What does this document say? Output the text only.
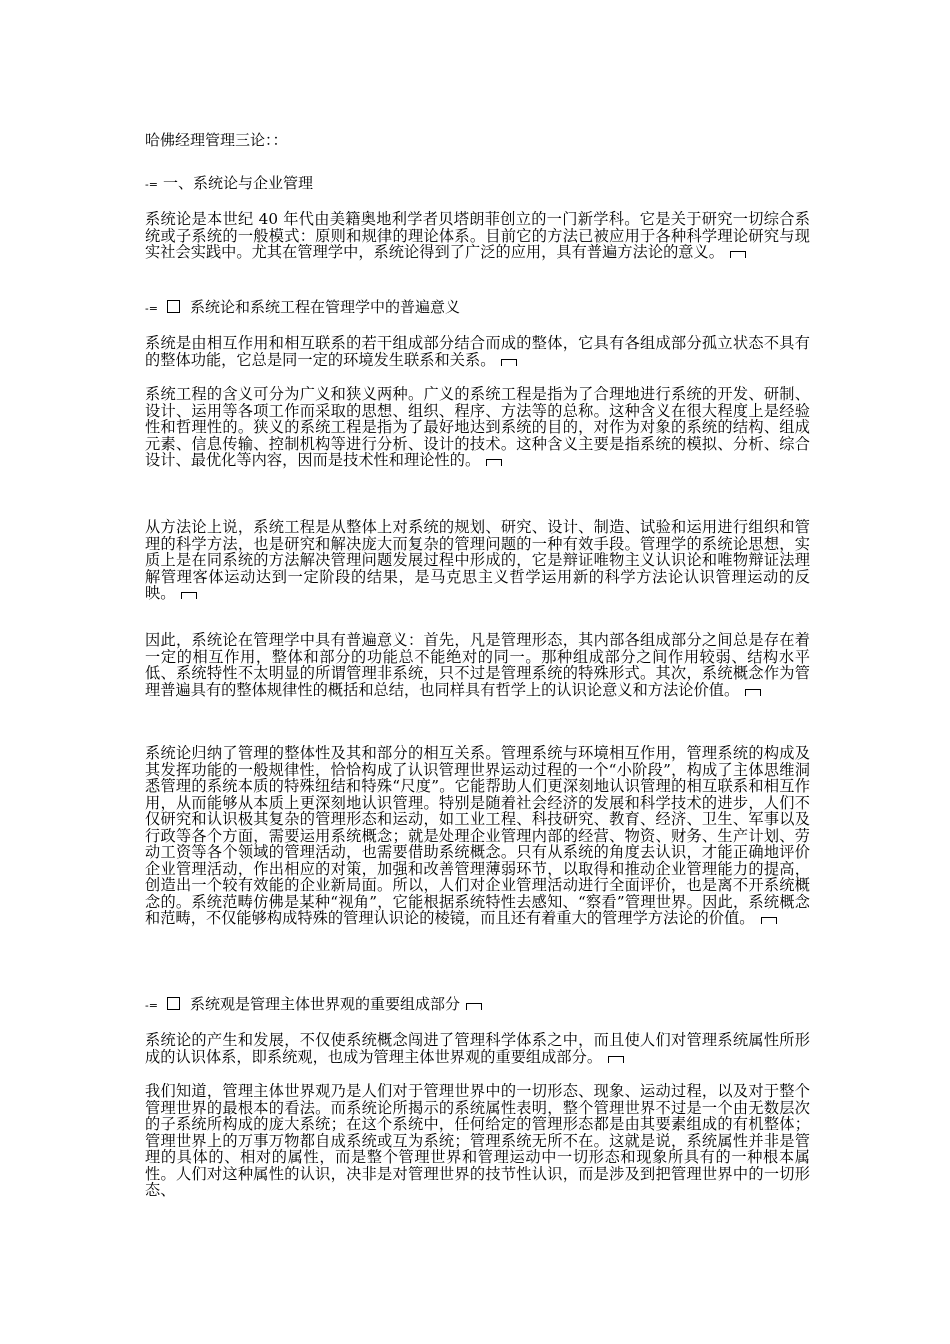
哈佛经理管理三论：：
-= 一、系统论与企业管理
系统论是本世纪 40 年代由美籍奥地利学者贝塔朗菲创立的一门新学科。它是关于研究一切综合系统或子系统的一般模式：原则和规律的理论体系。目前它的方法已被应用于各种科学理论研究与现实社会实践中。尤其在管理学中，系统论得到了广泛的应用，具有普遍方法论的意义。
-= 系统论和系统工程在管理学中的普遍意义
系统是由相互作用和相互联系的若干组成部分结合而成的整体，它具有各组成部分孤立状态不具有的整体功能，它总是同一定的环境发生联系和关系。
系统工程的含义可分为广义和狭义两种。广义的系统工程是指为了合理地进行系统的开发、研制、设计、运用等各项工作而采取的思想、组织、程序、方法等的总称。这种含义在很大程度上是经验性和哲理性的。狭义的系统工程是指为了最好地达到系统的目的，对作为对象的系统的结构、组成元素、信息传输、控制机构等进行分析、设计的技术。这种含义主要是指系统的模拟、分析、综合设计、最优化等内容，因而是技术性和理论性的。
从方法论上说，系统工程是从整体上对系统的规划、研究、设计、制造、试验和运用进行组织和管理的科学方法，也是研究和解决庞大而复杂的管理问题的一种有效手段。管理学的系统论思想，实质上是在同系统的方法解决管理问题发展过程中形成的，它是辩证唯物主义认识论和唯物辩证法理解管理客体运动达到一定阶段的结果，是马克思主义哲学运用新的科学方法论认识管理运动的反映。
因此，系统论在管理学中具有普遍意义：首先，凡是管理形态，其内部各组成部分之间总是存在着一定的相互作用，整体和部分的功能总不能绝对的同一。那种组成部分之间作用较弱、结构水平低、系统特性不太明显的所谓管理非系统，只不过是管理系统的特殊形式。其次，系统概念作为管理普遍具有的整体规律性的概括和总结，也同样具有哲学上的认识论意义和方法论价值。
系统论归纳了管理的整体性及其和部分的相互关系。管理系统与环境相互作用，管理系统的构成及其发挥功能的一般规律性，恰恰构成了认识管理世界运动过程的一个“小阶段”，构成了主体思维洞悉管理的系统本质的特殊纽结和特殊“尺度”。它能帮助人们更深刻地认识管理的相互联系和相互作用，从而能够从本质上更深刻地认识管理。特别是随着社会经济的发展和科学技术的进步，人们不仅研究和认识极其复杂的管理形态和运动，如工业工程、科技研究、教育、经济、卫生、军事以及行政等各个方面，需要运用系统概念；就是处理企业管理内部的经营、物资、财务、生产计划、劳动工资等各个领域的管理活动，也需要借助系统概念。只有从系统的角度去认识，才能正确地评价企业管理活动，作出相应的对策，加强和改善管理薄弱环节，以取得和推动企业管理能力的提高，创造出一个较有效能的企业新局面。所以，人们对企业管理活动进行全面评价，也是离不开系统概念的。系统范畴仿佛是某种“视角”，它能根据系统特性去感知、“察看”管理世界。因此，系统概念和范畴，不仅能够构成特殊的管理认识论的棱镜，而且还有着重大的管理学方法论的价值。
-= 系统观是管理主体世界观的重要组成部分
系统论的产生和发展，不仅使系统概念闯进了管理科学体系之中，而且使人们对管理系统属性所形成的认识体系，即系统观，也成为管理主体世界观的重要组成部分。
我们知道，管理主体世界观乃是人们对于管理世界中的一切形态、现象、运动过程，以及对于整个管理世界的最根本的看法。而系统论所揭示的系统属性表明，整个管理世界不过是一个由无数层次的子系统所构成的庞大系统；在这个系统中，任何给定的管理形态都是由其要素组成的有机整体；管理世界上的万事万物都自成系统或互为系统；管理系统无所不在。这就是说，系统属性并非是管理的具体的、相对的属性，而是整个管理世界和管理运动中一切形态和现象所具有的一种根本属性。人们对这种属性的认识，决非是对管理世界的技节性认识，而是涉及到把管理世界中的一切形态、
